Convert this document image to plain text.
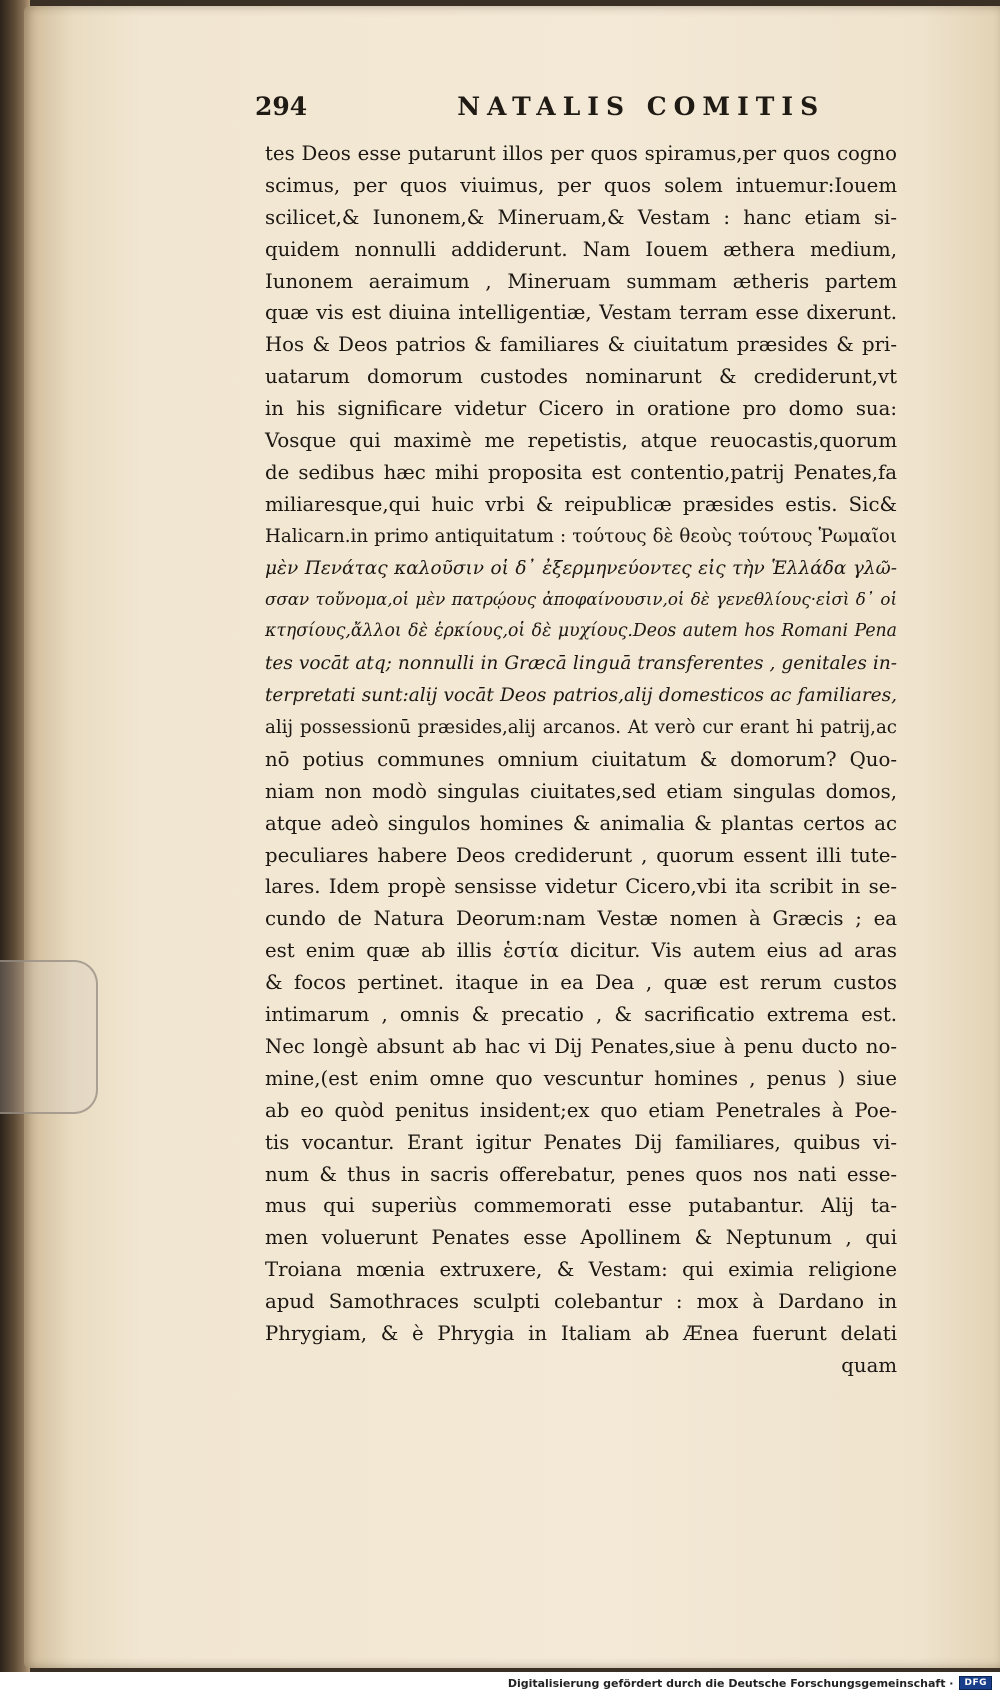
294	NATALIS COMITIS
tes Deos esse putarunt illos per quos spiramus,per quos cogno
scimus, per quos viuimus, per quos solem intuemur:Iouem
scilicet,& Iunonem,& Mineruam,& Vestam : hanc etiam si-
quidem nonnulli addiderunt. Nam Iouem æthera medium,
Iunonem aeraimum , Mineruam summam ætheris partem
quæ vis est diuina intelligentiæ, Vestam terram esse dixerunt.
Hos & Deos patrios & familiares & ciuitatum præsides & pri-
uatarum domorum custodes nominarunt & crediderunt,vt
in his significare videtur Cicero in oratione pro domo sua:
Vosque qui maximè me repetistis, atque reuocastis,quorum
de sedibus hæc mihi proposita est contentio,patrij Penates,fa
miliaresque,qui huic vrbi & reipublicæ præsides estis. Sic&
Halicarn.in primo antiquitatum : τούτους δὲ θεοὺς τούτους Ῥωμαῖοι
μὲν Πενάτας καλοῦσιν οἱ δ᾽ ἐξερμηνεύοντες εἰς τὴν Ἑλλάδα γλῶ-
σσαν τοὔνομα,οἱ μὲν πατρῴους ἀποφαίνουσιν,οἱ δὲ γενεθλίους·εἰσὶ δ᾽ οἱ
κτησίους,ἄλλοι δὲ ἑρκίους,οἱ δὲ μυχίους.Deos autem hos Romani Pena
tes vocāt atq; nonnulli in Græcā linguā transferentes , genitales in-
terpretati sunt:alij vocāt Deos patrios,alij domesticos ac familiares,
alij possessionū præsides,alij arcanos. At verò cur erant hi patrij,ac
nō potius communes omnium ciuitatum & domorum? Quo-
niam non modò singulas ciuitates,sed etiam singulas domos,
atque adeò singulos homines & animalia & plantas certos ac
peculiares habere Deos crediderunt , quorum essent illi tute-
lares. Idem propè sensisse videtur Cicero,vbi ita scribit in se-
cundo de Natura Deorum:nam Vestæ nomen à Græcis ; ea
est enim quæ ab illis ἑστία dicitur. Vis autem eius ad aras
& focos pertinet. itaque in ea Dea , quæ est rerum custos
intimarum , omnis & precatio , & sacrificatio extrema est.
Nec longè absunt ab hac vi Dij Penates,siue à penu ducto no-
mine,(est enim omne quo vescuntur homines , penus ) siue
ab eo quòd penitus insident;ex quo etiam Penetrales à Poe-
tis vocantur. Erant igitur Penates Dij familiares, quibus vi-
num & thus in sacris offerebatur, penes quos nos nati esse-
mus qui superiùs commemorati esse putabantur. Alij ta-
men voluerunt Penates esse Apollinem & Neptunum , qui
Troiana mœnia extruxere, & Vestam: qui eximia religione
apud Samothraces sculpti colebantur : mox à Dardano in
Phrygiam, & è Phrygia in Italiam ab Ænea fuerunt delati
quam
Digitalisierung gefördert durch die Deutsche Forschungsgemeinschaft ·	DFG
